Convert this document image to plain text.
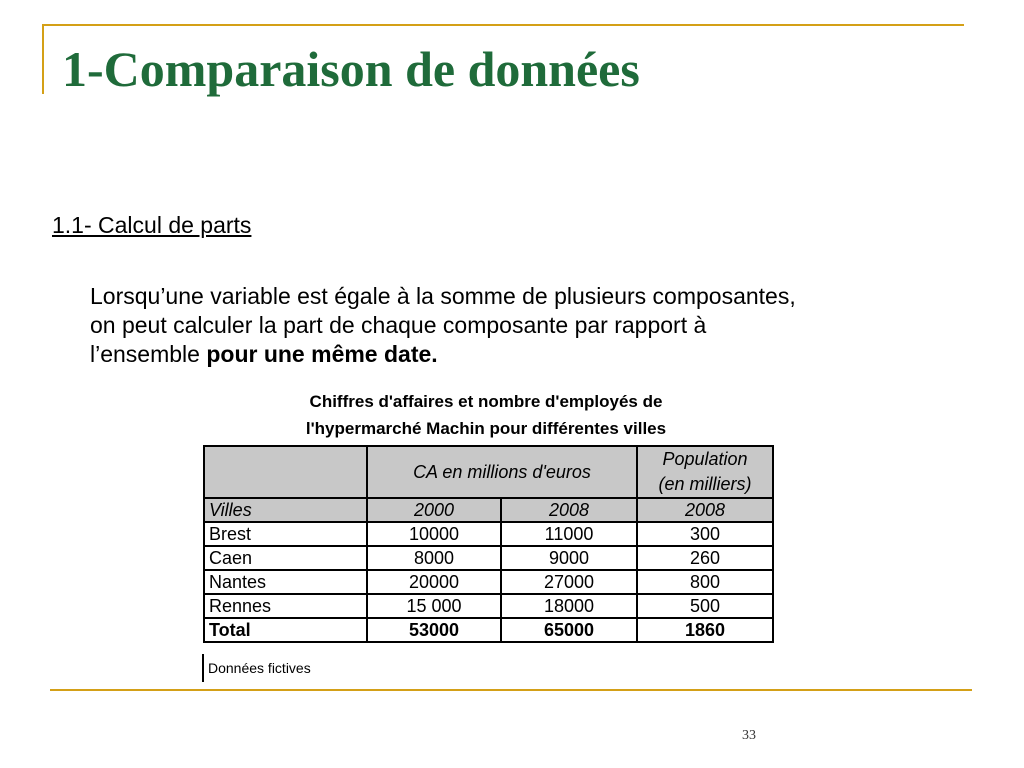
1-Comparaison de données
1.1- Calcul de parts
Lorsqu’une variable est égale à la somme de plusieurs composantes,
on peut calculer la part de chaque composante par rapport à
l’ensemble pour une même date.
Chiffres d'affaires et nombre d'employés de
l'hypermarché Machin pour différentes villes
	CA en millions d'euros		Population
(en milliers)
Villes	2000	2008	2008
Brest	10000	11000	300
Caen	8000	9000	260
Nantes	20000	27000	800
Rennes	15 000	18000	500
Total	53000	65000	1860
Données fictives
33
